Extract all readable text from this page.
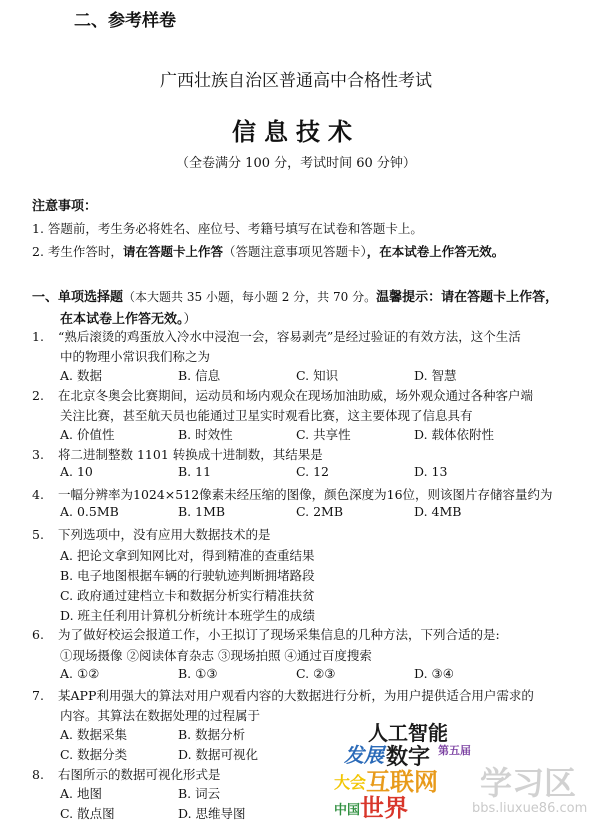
二、参考样卷
广西壮族自治区普通高中合格性考试
信息技术
（全卷满分 100 分，考试时间 60 分钟）
注意事项：
1. 答题前，考生务必将姓名、座位号、考籍号填写在试卷和答题卡上。
2. 考生作答时，请在答题卡上作答（答题注意事项见答题卡），在本试卷上作答无效。
一、单项选择题（本大题共 35 小题，每小题 2 分，共 70 分。温馨提示：请在答题卡上作答，
在本试卷上作答无效。）
1. “熟后滚烫的鸡蛋放入冷水中浸泡一会，容易剥壳”是经过验证的有效方法，这个生活
中的物理小常识我们称之为
A. 数据	B. 信息	C. 知识	D. 智慧
2. 在北京冬奥会比赛期间，运动员和场内观众在现场加油助威，场外观众通过各种客户端
关注比赛，甚至航天员也能通过卫星实时观看比赛，这主要体现了信息具有
A. 价值性	B. 时效性	C. 共享性	D. 载体依附性
3. 将二进制整数 1101 转换成十进制数，其结果是
A. 10	B. 11	C. 12	D. 13
4. 一幅分辨率为1024×512像素未经压缩的图像，颜色深度为16位，则该图片存储容量约为
A. 0.5MB	B. 1MB	C. 2MB	D. 4MB
5. 下列选项中，没有应用大数据技术的是
A. 把论文拿到知网比对，得到精准的查重结果
B. 电子地图根据车辆的行驶轨迹判断拥堵路段
C. 政府通过建档立卡和数据分析实行精准扶贫
D. 班主任利用计算机分析统计本班学生的成绩
6. 为了做好校运会报道工作，小王拟订了现场采集信息的几种方法，下列合适的是:
①现场摄像 ②阅读体育杂志 ③现场拍照 ④通过百度搜索
A. ①②	B. ①③	C. ②③	D. ③④
7. 某APP利用强大的算法对用户观看内容的大数据进行分析，为用户提供适合用户需求的
内容。其算法在数据处理的过程属于
A. 数据采集	B. 数据分析
C. 数据分类	D. 数据可视化
8. 右图所示的数据可视化形式是
A. 地图	B. 词云
C. 散点图	D. 思维导图
人工智能
发展 数字 第五届
大会 互联网
世界
中国
学习区
bbs.liuxue86.com
